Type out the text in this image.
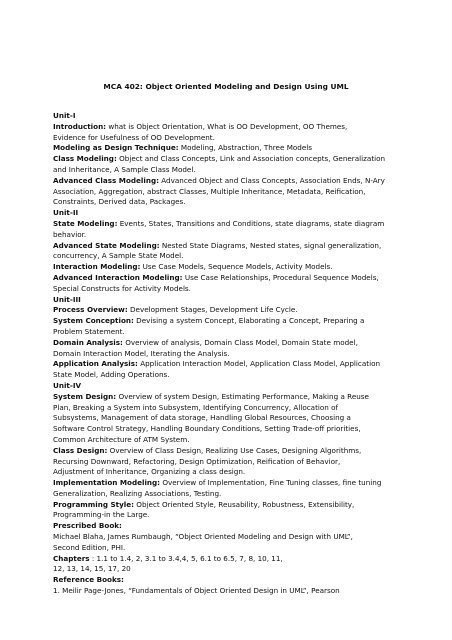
MCA 402: Object Oriented Modeling and Design Using UML
Unit-I
Introduction: what is Object Orientation, What is OO Development, OO Themes,
Evidence for Usefulness of OO Development.
Modeling as Design Technique: Modeling, Abstraction, Three Models
Class Modeling: Object and Class Concepts, Link and Association concepts, Generalization
and Inheritance, A Sample Class Model.
Advanced Class Modeling: Advanced Object and Class Concepts, Association Ends, N-Ary
Association, Aggregation, abstract Classes, Multiple Inheritance, Metadata, Reification,
Constraints, Derived data, Packages.
Unit-II
State Modeling: Events, States, Transitions and Conditions, state diagrams, state diagram
behavior.
Advanced State Modeling: Nested State Diagrams, Nested states, signal generalization,
concurrency, A Sample State Model.
Interaction Modeling: Use Case Models, Sequence Models, Activity Models.
Advanced Interaction Modeling: Use Case Relationships, Procedural Sequence Models,
Special Constructs for Activity Models.
Unit-III
Process Overview: Development Stages, Development Life Cycle.
System Conception: Devising a system Concept, Elaborating a Concept, Preparing a
Problem Statement.
Domain Analysis: Overview of analysis, Domain Class Model, Domain State model,
Domain Interaction Model, Iterating the Analysis.
Application Analysis: Application Interaction Model, Application Class Model, Application
State Model, Adding Operations.
Unit-IV
System Design: Overview of system Design, Estimating Performance, Making a Reuse
Plan, Breaking a System into Subsystem, Identifying Concurrency, Allocation of
Subsystems, Management of data storage, Handling Global Resources, Choosing a
Software Control Strategy, Handling Boundary Conditions, Setting Trade-off priorities,
Common Architecture of ATM System.
Class Design: Overview of Class Design, Realizing Use Cases, Designing Algorithms,
Recursing Downward, Refactoring, Design Optimization, Reification of Behavior,
Adjustment of Inheritance, Organizing a class design.
Implementation Modeling: Overview of Implementation, Fine Tuning classes, fine tuning
Generalization, Realizing Associations, Testing.
Programming Style: Object Oriented Style, Reusability, Robustness, Extensibility,
Programming-in the Large.
Prescribed Book:
Michael Blaha, James Rumbaugh, “Object Oriented Modeling and Design with UML”,
Second Edition, PHI.
Chapters : 1.1 to 1.4, 2, 3.1 to 3.4,4, 5, 6.1 to 6.5, 7, 8, 10, 11,
12, 13, 14, 15, 17, 20
Reference Books:
1. Meilir Page-Jones, “Fundamentals of Object Oriented Design in UML”, Pearson
